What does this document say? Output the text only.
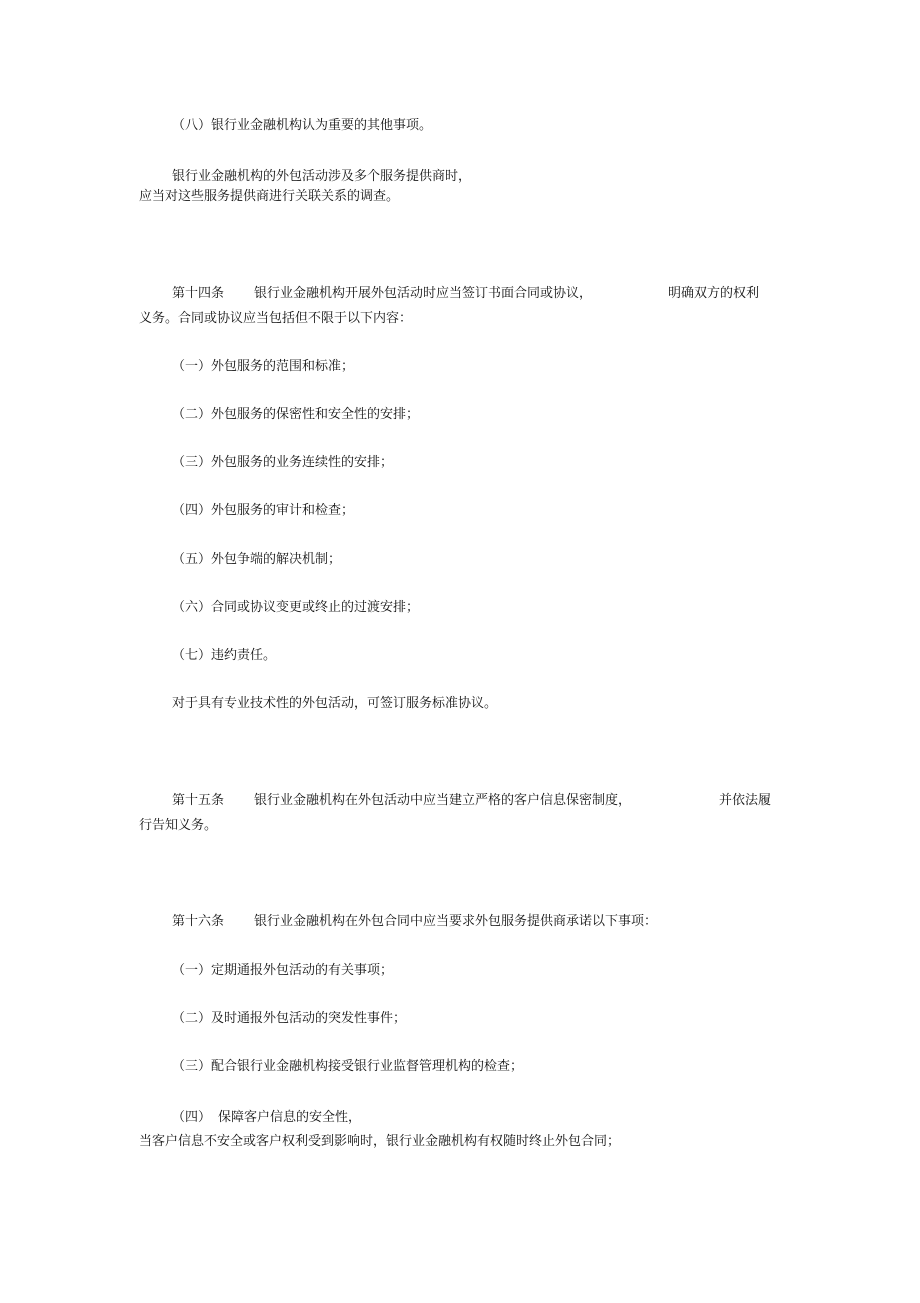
（八）银行业金融机构认为重要的其他事项。
银行业金融机构的外包活动涉及多个服务提供商时，
应当对这些服务提供商进行关联关系的调查。
第十四条 银行业金融机构开展外包活动时应当签订书面合同或协议，	明确双方的权利
义务。合同或协议应当包括但不限于以下内容：
（一）外包服务的范围和标准；
（二）外包服务的保密性和安全性的安排；
（三）外包服务的业务连续性的安排；
（四）外包服务的审计和检查；
（五）外包争端的解决机制；
（六）合同或协议变更或终止的过渡安排；
（七）违约责任。
对于具有专业技术性的外包活动，可签订服务标准协议。
第十五条 银行业金融机构在外包活动中应当建立严格的客户信息保密制度，	并依法履
行告知义务。
第十六条 银行业金融机构在外包合同中应当要求外包服务提供商承诺以下事项：
（一）定期通报外包活动的有关事项；
（二）及时通报外包活动的突发性事件；
（三）配合银行业金融机构接受银行业监督管理机构的检查；
（四） 保障客户信息的安全性，
当客户信息不安全或客户权利受到影响时，银行业金融机构有权随时终止外包合同；
